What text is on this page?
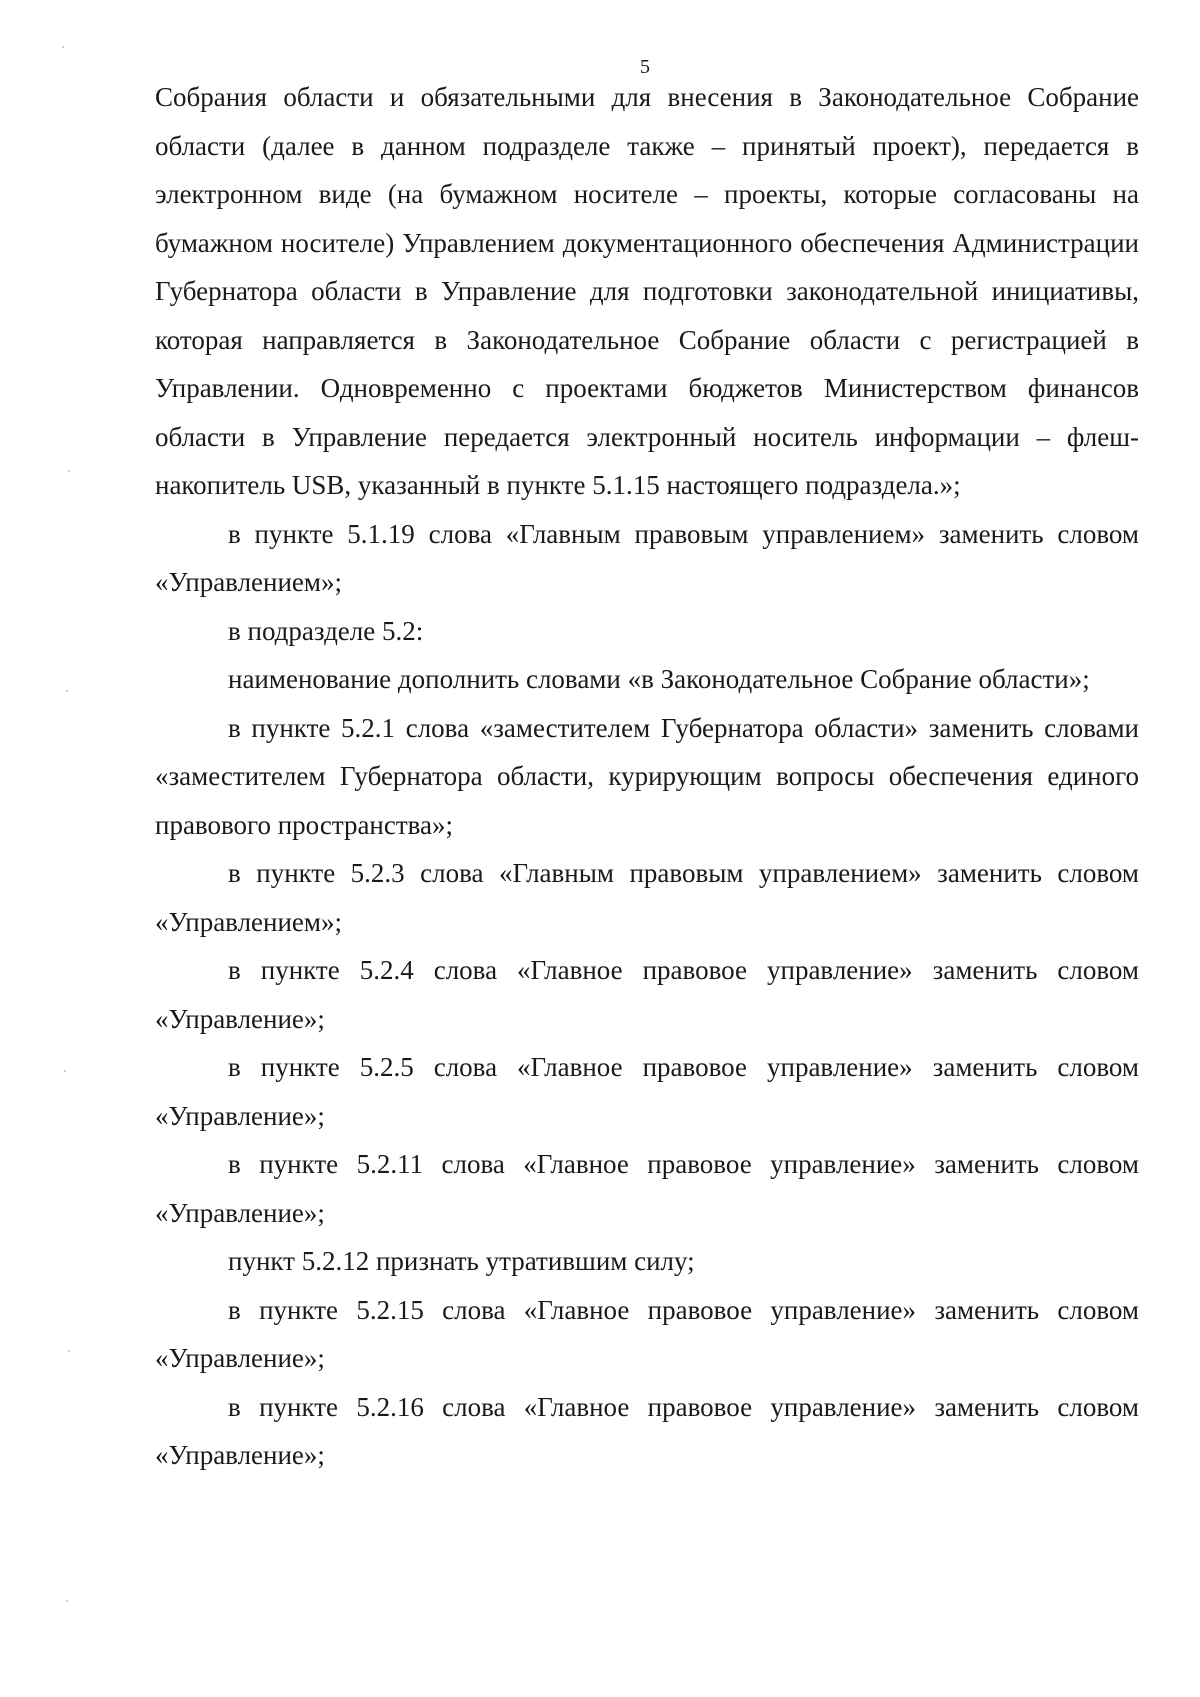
5

Собрания области и обязательными для внесения в Законодательное Собрание области (далее в данном подразделе также – принятый проект), передается в электронном виде (на бумажном носителе – проекты, которые согласованы на бумажном носителе) Управлением документационного обеспечения Администрации Губернатора области в Управление для подготовки законодательной инициативы, которая направляется в Законодательное Собрание области с регистрацией в Управлении. Одновременно с проектами бюджетов Министерством финансов области в Управление передается электронный носитель информации – флеш-накопитель USB, указанный в пункте 5.1.15 настоящего подраздела.»;

в пункте 5.1.19 слова «Главным правовым управлением» заменить словом «Управлением»;

в подразделе 5.2:

наименование дополнить словами «в Законодательное Собрание области»;

в пункте 5.2.1 слова «заместителем Губернатора области» заменить словами «заместителем Губернатора области, курирующим вопросы обеспечения единого правового пространства»;

в пункте 5.2.3 слова «Главным правовым управлением» заменить словом «Управлением»;

в пункте 5.2.4 слова «Главное правовое управление» заменить словом «Управление»;

в пункте 5.2.5 слова «Главное правовое управление» заменить словом «Управление»;

в пункте 5.2.11 слова «Главное правовое управление» заменить словом «Управление»;

пункт 5.2.12 признать утратившим силу;

в пункте 5.2.15 слова «Главное правовое управление» заменить словом «Управление»;

в пункте 5.2.16 слова «Главное правовое управление» заменить словом «Управление»;
